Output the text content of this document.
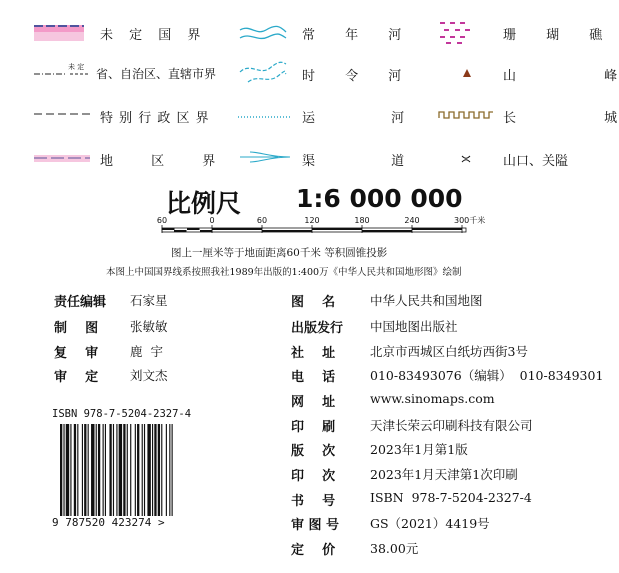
未 定 国 界	常 年 河	珊 瑚 礁
未 定 省、自治区、直辖市界	时 令 河	山 峰
特 别 行 政 区 界	运 河	长 城
地 区 界	渠 道	山口、关隘
比例尺 1:6 000 000
60	0	60	120	180	240	300千米
图上一厘米等于地面距离60千米 等积圆锥投影
本图上中国国界线系按照我社1989年出版的1:400万《中华人民共和国地形图》绘制
责任编辑 石家星
制    图	张敏敏
复    审	鹿  宇
审    定	刘文杰
ISBN 978-7-5204-2327-4
9 787520 423274 >
图    名	中华人民共和国地图
出版发行 中国地图出版社
社    址	北京市西城区白纸坊西街3号
电    话	010-83493076（编辑）  010-8349301
网    址	www.sinomaps.com
印    刷	天津长荣云印刷科技有限公司
版    次	2023年1月第1版
印    次	2023年1月天津第1次印刷
书    号	ISBN  978-7-5204-2327-4
审 图 号 GS（2021）4419号
定    价	38.00元
